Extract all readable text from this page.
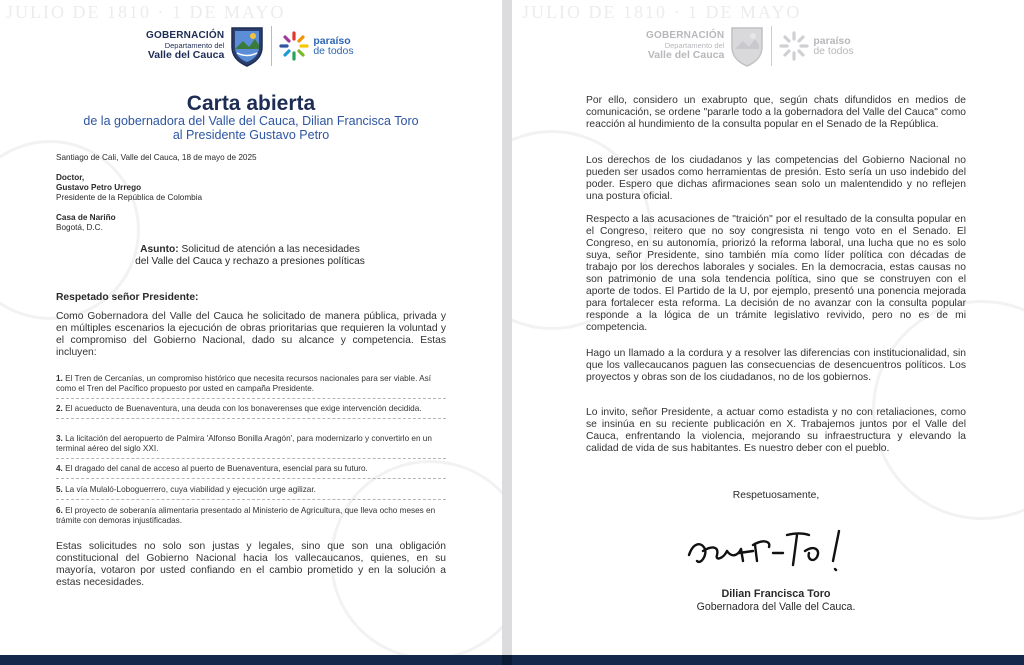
JULIO DE 1810 · 1 DE MAYO
GOBERNACIÓN
Departamento del
Valle del Cauca
paraíso
de todos
Carta abierta
de la gobernadora del Valle del Cauca, Dilian Francisca Toro
al Presidente Gustavo Petro
Santiago de Cali, Valle del Cauca, 18 de mayo de 2025
Doctor,
Gustavo Petro Urrego
Presidente de la República de Colombia
Casa de Nariño
Bogotá, D.C.
Asunto: Solicitud de atención a las necesidades
del Valle del Cauca y rechazo a presiones políticas
Respetado señor Presidente:
Como Gobernadora del Valle del Cauca he solicitado de manera pública, privada y en múltiples escenarios la ejecución de obras prioritarias que requieren la voluntad y el compromiso del Gobierno Nacional, dado su alcance y competencia. Estas incluyen:
1. El Tren de Cercanías, un compromiso histórico que necesita recursos nacionales para ser viable. Así como el Tren del Pacífico propuesto por usted en campaña Presidente.
2. El acueducto de Buenaventura, una deuda con los bonaverenses que exige intervención decidida.
3. La licitación del aeropuerto de Palmira 'Alfonso Bonilla Aragón', para modernizarlo y convertirlo en un terminal aéreo del siglo XXI.
4. El dragado del canal de acceso al puerto de Buenaventura, esencial para su futuro.
5. La vía Mulaló-Loboguerrero, cuya viabilidad y ejecución urge agilizar.
6. El proyecto de soberanía alimentaria presentado al Ministerio de Agricultura, que lleva ocho meses en trámite con demoras injustificadas.
Estas solicitudes no solo son justas y legales, sino que son una obligación constitucional del Gobierno Nacional hacia los vallecaucanos, quienes, en su mayoría, votaron por usted confiando en el cambio prometido y en la solución a estas necesidades.
JULIO DE 1810 · 1 DE MAYO
GOBERNACIÓN
Departamento del
Valle del Cauca
paraíso
de todos
Por ello, considero un exabrupto que, según chats difundidos en medios de comunicación, se ordene "pararle todo a la gobernadora del Valle del Cauca" como reacción al hundimiento de la consulta popular en el Senado de la República.
Los derechos de los ciudadanos y las competencias del Gobierno Nacional no pueden ser usados como herramientas de presión. Esto sería un uso indebido del poder. Espero que dichas afirmaciones sean solo un malentendido y no reflejen una postura oficial.
Respecto a las acusaciones de "traición" por el resultado de la consulta popular en el Congreso, reitero que no soy congresista ni tengo voto en el Senado. El Congreso, en su autonomía, priorizó la reforma laboral, una lucha que no es solo suya, señor Presidente, sino también mía como líder política con décadas de trabajo por los derechos laborales y sociales. En la democracia, estas causas no son patrimonio de una sola tendencia política, sino que se construyen con el aporte de todos. El Partido de la U, por ejemplo, presentó una ponencia mejorada para fortalecer esta reforma. La decisión de no avanzar con la consulta popular responde a la lógica de un trámite legislativo revivido, pero no es de mi competencia.
Hago un llamado a la cordura y a resolver las diferencias con institucionalidad, sin que los vallecaucanos paguen las consecuencias de desencuentros políticos. Los proyectos y obras son de los ciudadanos, no de los gobiernos.
Lo invito, señor Presidente, a actuar como estadista y no con retaliaciones, como se insinúa en su reciente publicación en X. Trabajemos juntos por el Valle del Cauca, enfrentando la violencia, mejorando su infraestructura y elevando la calidad de vida de sus habitantes. Es nuestro deber con el pueblo.
Respetuosamente,
Dilian Francisca Toro
Gobernadora del Valle del Cauca.
